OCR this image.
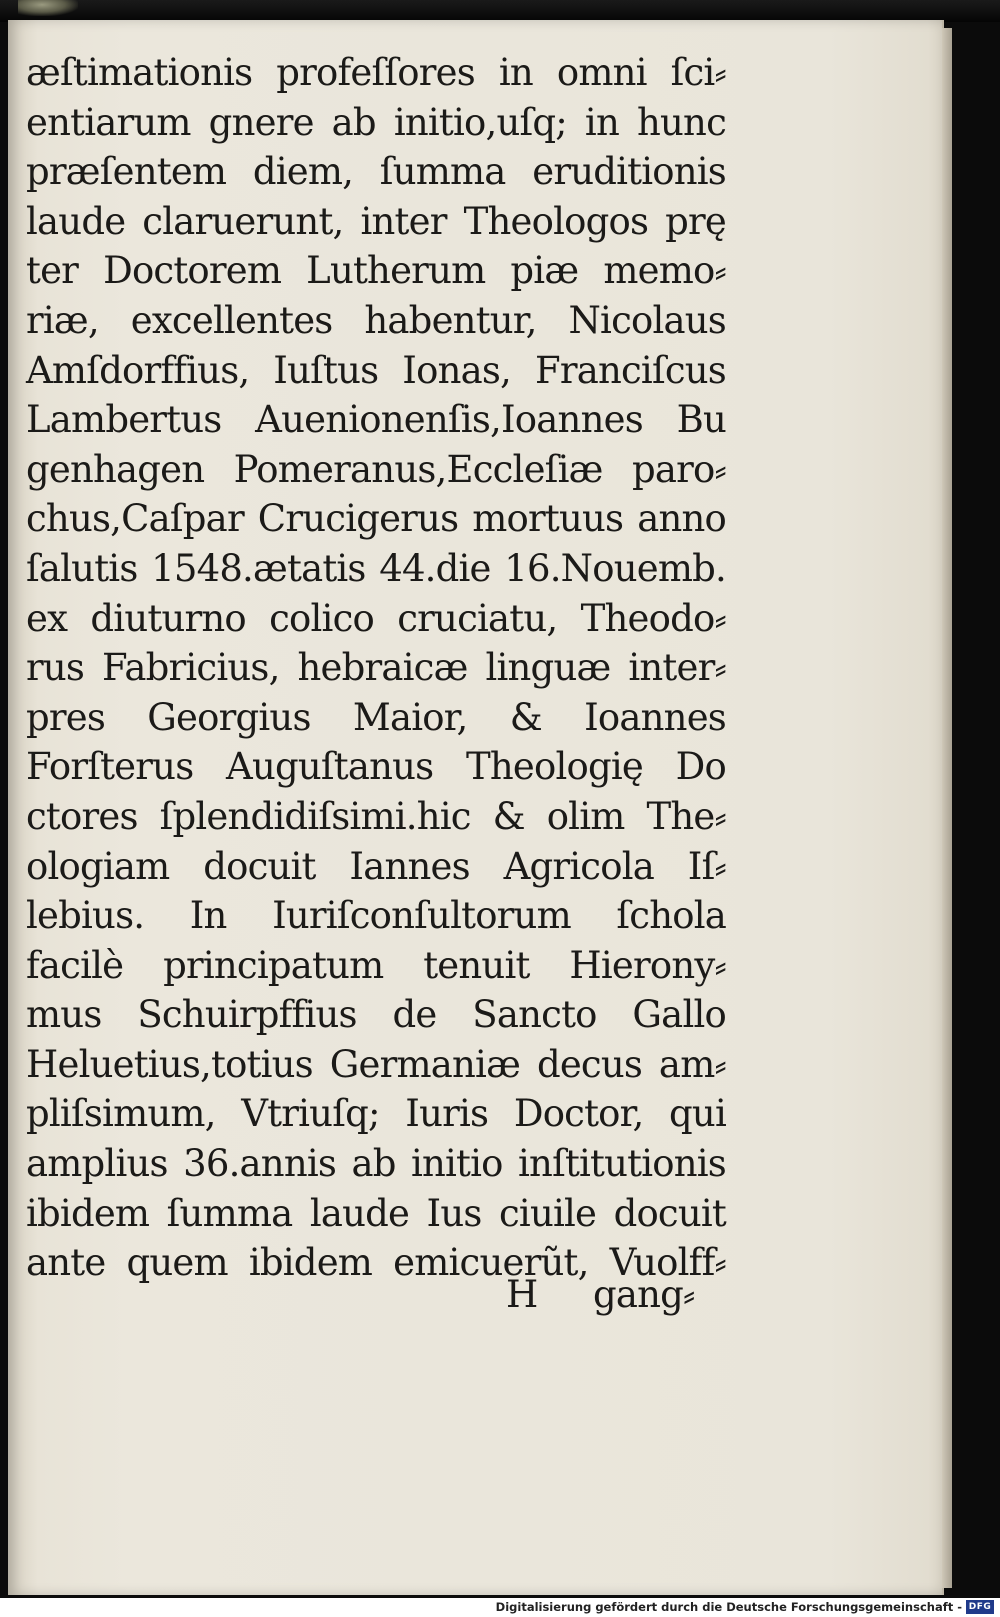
æſtimationis profeſſores in omni ſci⸗
entiarum gnere ab initio,uſq; in hunc
præſentem diem, ſumma eruditionis
laude claruerunt, inter Theologos prę
ter Doctorem Lutherum piæ memo⸗
riæ, excellentes habentur, Nicolaus
Amſdorffius, Iuſtus Ionas, Franciſcus
Lambertus Auenionenſis,Ioannes Bu
genhagen Pomeranus,Eccleſiæ paro⸗
chus,Caſpar Crucigerus mortuus anno
ſalutis 1548.ætatis 44.die 16.Nouemb.
ex diuturno colico cruciatu, Theodo⸗
rus Fabricius, hebraicæ linguæ inter⸗
pres Georgius Maior, & Ioannes
Forſterus Auguſtanus Theologię Do
ctores ſplendidiſsimi.hic & olim The⸗
ologiam docuit Iannes Agricola Iſ⸗
lebius. In Iuriſconſultorum ſchola
facilè principatum tenuit Hierony⸗
mus Schuirpffius de Sancto Gallo
Heluetius,totius Germaniæ decus am⸗
pliſsimum, Vtriuſq; Iuris Doctor, qui
amplius 36.annis ab initio inſtitutionis
ibidem ſumma laude Ius ciuile docuit
ante quem ibidem emicuerũt, Vuolff⸗
H gang⸗
Digitalisierung gefördert durch die Deutsche Forschungsgemeinschaft - DFG
